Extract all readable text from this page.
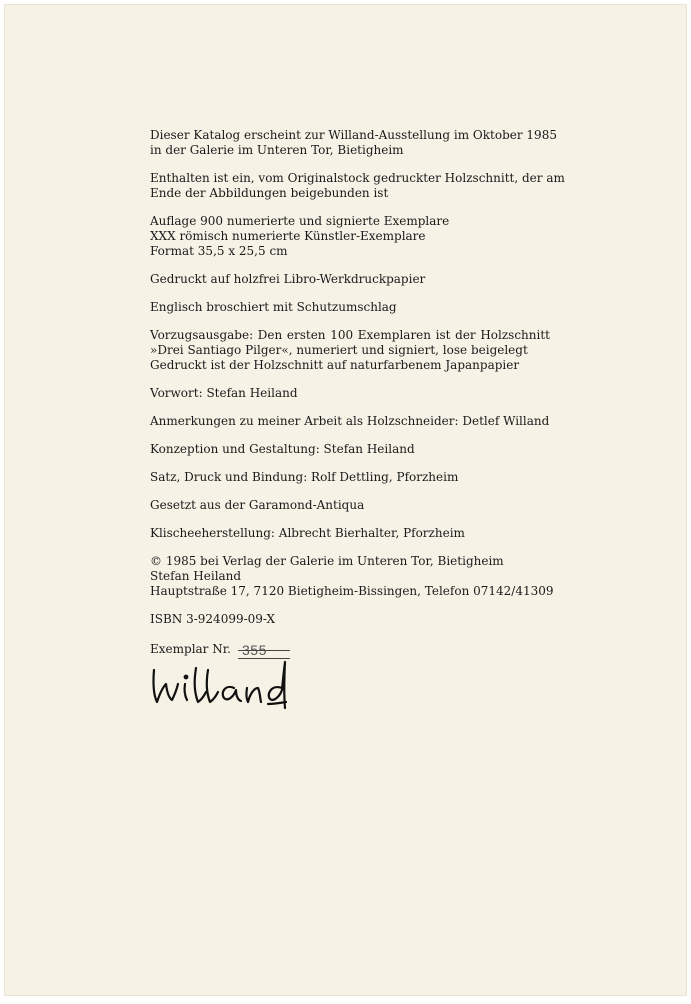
Dieser Katalog erscheint zur Willand-Ausstellung im Oktober 1985
in der Galerie im Unteren Tor, Bietigheim

Enthalten ist ein, vom Originalstock gedruckter Holzschnitt, der am
Ende der Abbildungen beigebunden ist

Auflage 900 numerierte und signierte Exemplare
XXX römisch numerierte Künstler-Exemplare
Format 35,5 x 25,5 cm

Gedruckt auf holzfrei Libro-Werkdruckpapier

Englisch broschiert mit Schutzumschlag

Vorzugsausgabe: Den ersten 100 Exemplaren ist der Holzschnitt
»Drei Santiago Pilger«, numeriert und signiert, lose beigelegt
Gedruckt ist der Holzschnitt auf naturfarbenem Japanpapier

Vorwort: Stefan Heiland

Anmerkungen zu meiner Arbeit als Holzschneider: Detlef Willand

Konzeption und Gestaltung: Stefan Heiland

Satz, Druck und Bindung: Rolf Dettling, Pforzheim

Gesetzt aus der Garamond-Antiqua

Klischeeherstellung: Albrecht Bierhalter, Pforzheim

© 1985 bei Verlag der Galerie im Unteren Tor, Bietigheim
Stefan Heiland
Hauptstraße 17, 7120 Bietigheim-Bissingen, Telefon 07142/41309

ISBN 3-924099-09-X

Exemplar Nr. 355
